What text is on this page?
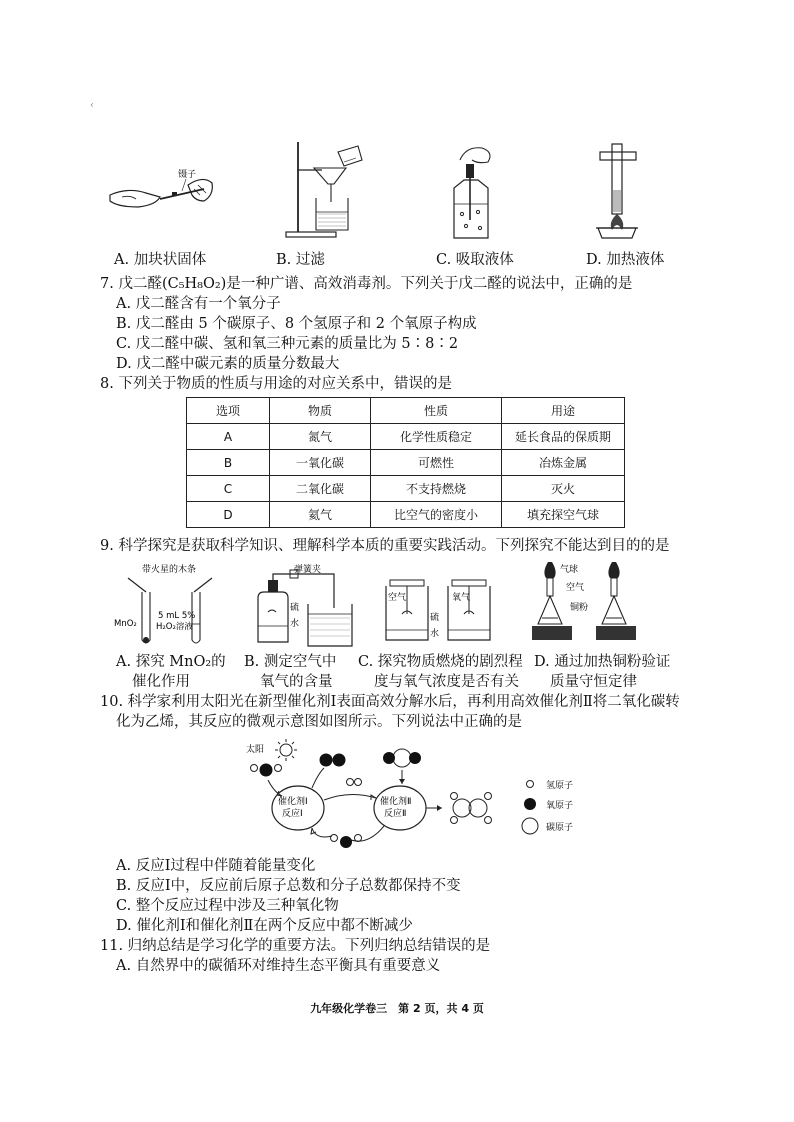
‹
镊子
A. 加块状固体	B. 过滤	C. 吸取液体	D. 加热液体
7. 戊二醛(C₅H₈O₂)是一种广谱、高效消毒剂。下列关于戊二醛的说法中，正确的是
A. 戊二醛含有一个氧分子
B. 戊二醛由 5 个碳原子、8 个氢原子和 2 个氧原子构成
C. 戊二醛中碳、氢和氧三种元素的质量比为 5∶8∶2
D. 戊二醛中碳元素的质量分数最大
8. 下列关于物质的性质与用途的对应关系中，错误的是
选项	物质	性质	用途
A	氮气	化学性质稳定	延长食品的保质期
B	一氧化碳	可燃性	冶炼金属
C	二氧化碳	不支持燃烧	灭火
D	氦气	比空气的密度小	填充探空气球
9. 科学探究是获取科学知识、理解科学本质的重要实践活动。下列探究不能达到目的的是
带火星的木条
MnO₂
5 mL 5%
H₂O₂溶液
弹簧夹
硫
水
空气
硫
氧气
水
气球
空气
铜粉
A. 探究 MnO₂的
催化作用
B. 测定空气中
氧气的含量
C. 探究物质燃烧的剧烈程
度与氧气浓度是否有关
D. 通过加热铜粉验证
质量守恒定律
10. 科学家利用太阳光在新型催化剂Ⅰ表面高效分解水后，再利用高效催化剂Ⅱ将二氧化碳转
化为乙烯，其反应的微观示意图如图所示。下列说法中正确的是
太阳
催化剂Ⅰ
反应Ⅰ
催化剂Ⅱ
反应Ⅱ
氢原子
氧原子
碳原子
A. 反应Ⅰ过程中伴随着能量变化
B. 反应Ⅰ中，反应前后原子总数和分子总数都保持不变
C. 整个反应过程中涉及三种氧化物
D. 催化剂Ⅰ和催化剂Ⅱ在两个反应中都不断减少
11. 归纳总结是学习化学的重要方法。下列归纳总结错误的是
A. 自然界中的碳循环对维持生态平衡具有重要意义
九年级化学卷三　第 2 页，共 4 页
